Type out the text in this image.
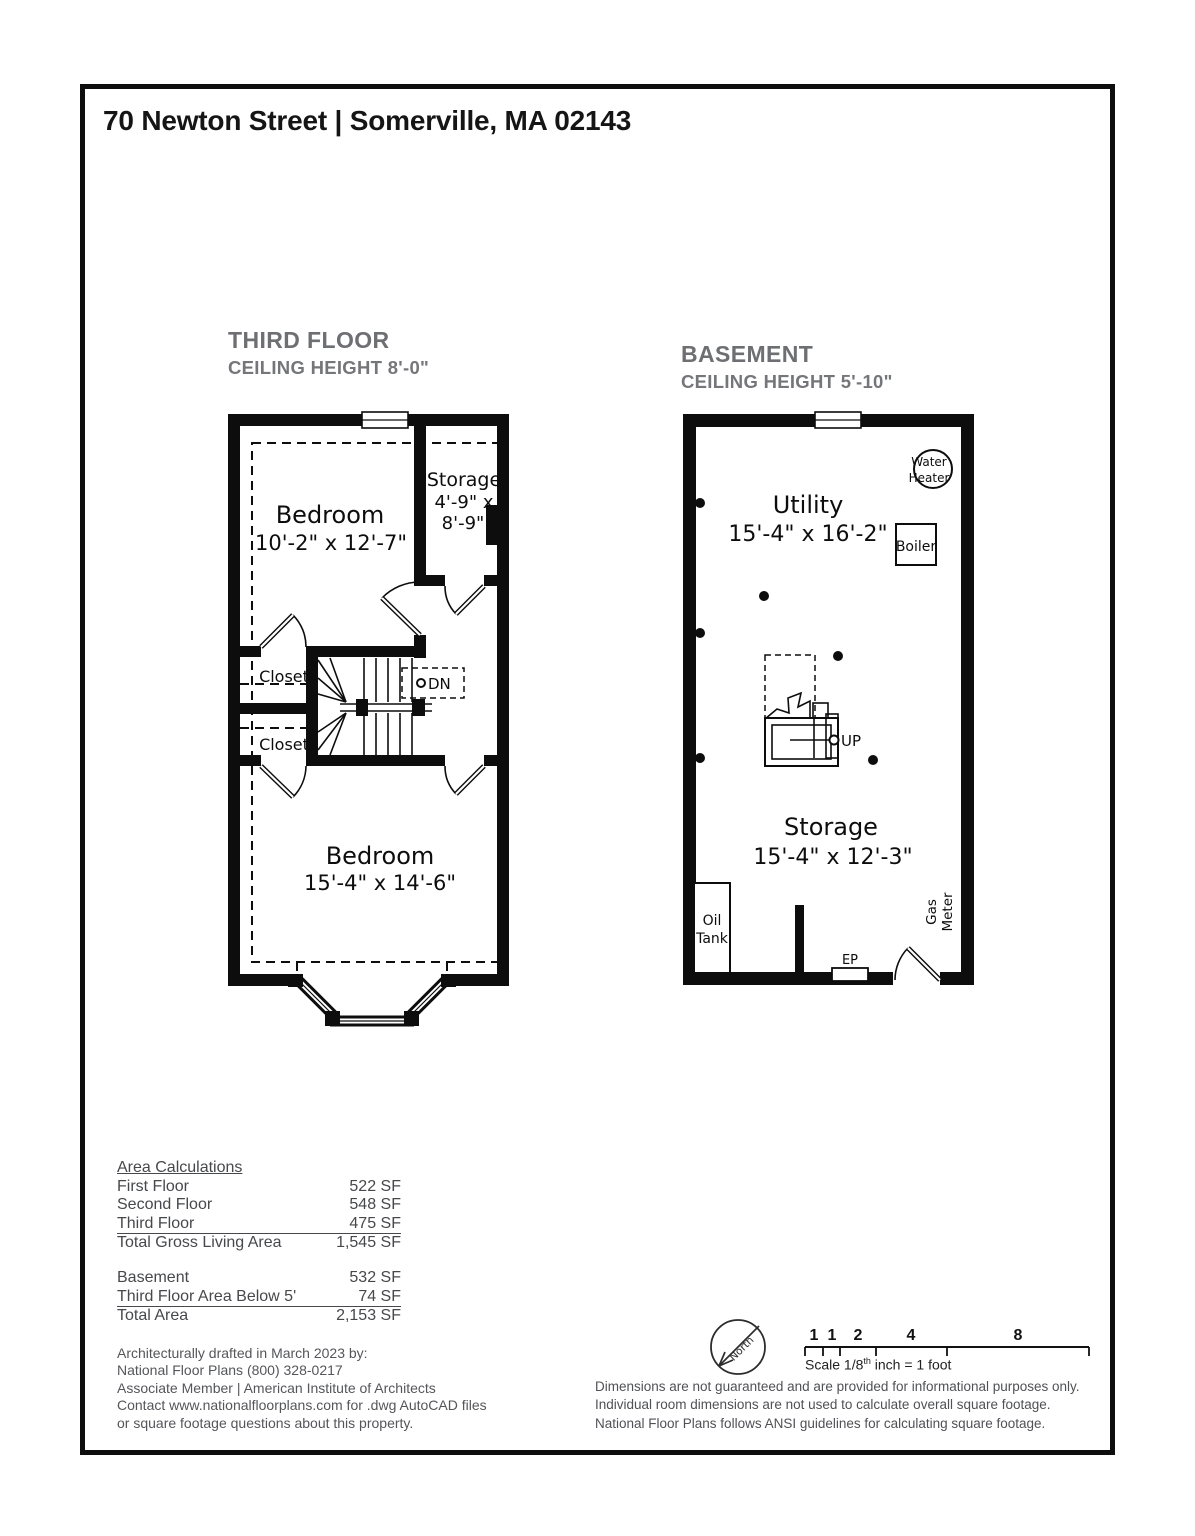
70 Newton Street | Somerville, MA 02143
THIRD FLOOR
CEILING HEIGHT 8'-0"
BASEMENT
CEILING HEIGHT 5'-10"
DN
Bedroom
10'-2" x 12'-7"
Storage
4'-9" x
8'-9"
Closet
Closet
Bedroom
15'-4" x 14'-6"
Water
Heater
Boiler
UP
Oil
Tank
EP
Gas Meter
Utility
15'-4" x 16'-2"
Storage
15'-4" x 12'-3"
Area Calculations
First Floor	522 SF
Second Floor	548 SF
Third Floor	475 SF
Total Gross Living Area	1,545 SF
Basement	532 SF
Third Floor Area Below 5'	74 SF
Total Area	2,153 SF
Architecturally drafted in March 2023 by:
National Floor Plans (800) 328-0217
Associate Member | American Institute of Architects
Contact www.nationalfloorplans.com for .dwg AutoCAD files
or square footage questions about this property.
North	1 1 2	4	8
Scale 1/8th inch = 1 foot
Dimensions are not guaranteed and are provided for informational purposes only.
Individual room dimensions are not used to calculate overall square footage.
National Floor Plans follows ANSI guidelines for calculating square footage.
